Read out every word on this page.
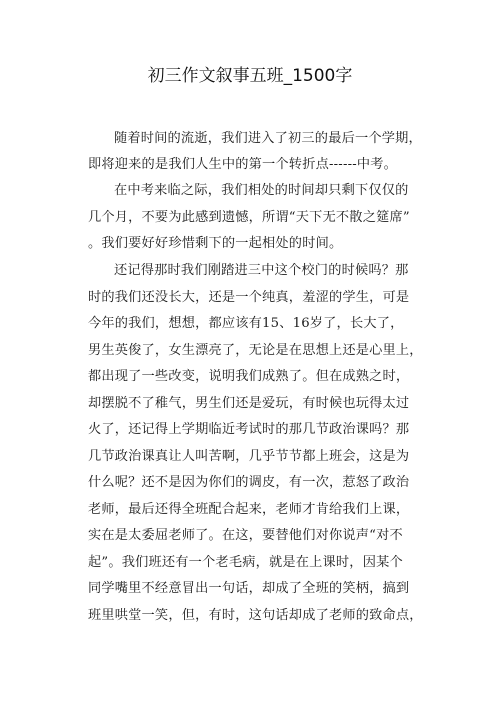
初三作文叙事五班_1500字
随着时间的流逝，我们进入了初三的最后一个学期，
即将迎来的是我们人生中的第一个转折点------中考。
在中考来临之际，我们相处的时间却只剩下仅仅的
几个月，不要为此感到遗憾，所谓“天下无不散之筵席”
。我们要好好珍惜剩下的一起相处的时间。
还记得那时我们刚踏进三中这个校门的时候吗？那
时的我们还没长大，还是一个纯真，羞涩的学生，可是
今年的我们，想想，都应该有15、16岁了，长大了，
男生英俊了，女生漂亮了，无论是在思想上还是心里上，
都出现了一些改变，说明我们成熟了。但在成熟之时，
却摆脱不了稚气，男生们还是爱玩，有时候也玩得太过
火了，还记得上学期临近考试时的那几节政治课吗？那
几节政治课真让人叫苦啊，几乎节节都上班会，这是为
什么呢？还不是因为你们的调皮，有一次，惹怒了政治
老师，最后还得全班配合起来，老师才肯给我们上课，
实在是太委屈老师了。在这，要替他们对你说声“对不
起”。我们班还有一个老毛病，就是在上课时，因某个
同学嘴里不经意冒出一句话，却成了全班的笑柄，搞到
班里哄堂一笑，但，有时，这句话却成了老师的致命点，
